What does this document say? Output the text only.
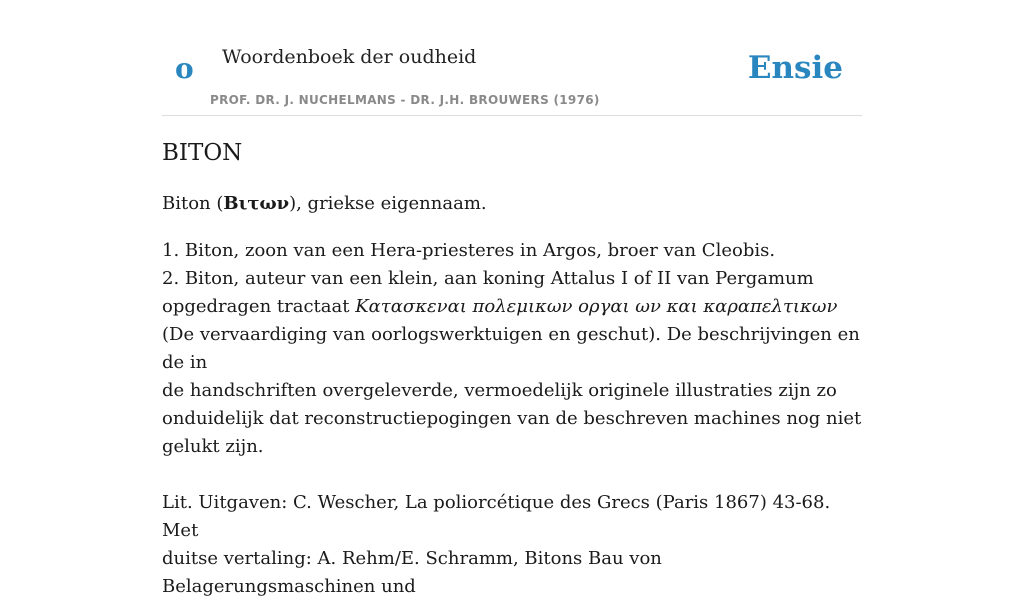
o Woordenboek der oudheid
PROF. DR. J. NUCHELMANS - DR. J.H. BROUWERS (1976)
Ensie
BITON

Biton (Βιτων), griekse eigennaam.

1. Biton, zoon van een Hera-priesteres in Argos, broer van Cleobis.
2. Biton, auteur van een klein, aan koning Attalus I of II van Pergamum
opgedragen tractaat Κατασκεναι πολεμικων οργαι ων και καραπελτικων
(De vervaardiging van oorlogswerktuigen en geschut). De beschrijvingen en de in
de handschriften overgeleverde, vermoedelijk originele illustraties zijn zo
onduidelijk dat reconstructiepogingen van de beschreven machines nog niet
gelukt zijn.

Lit. Uitgaven: C. Wescher, La poliorcétique des Grecs (Paris 1867) 43-68. Met
duitse vertaling: A. Rehm/E. Schramm, Bitons Bau von Belagerungsmaschinen und
